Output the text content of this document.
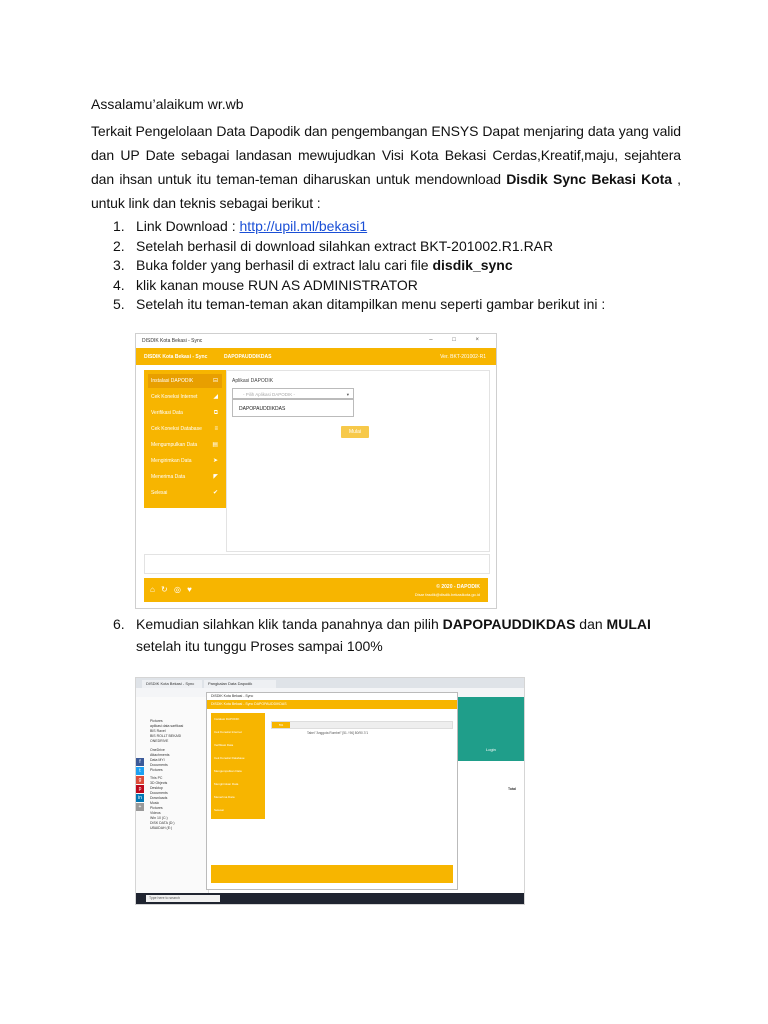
Assalamu’alaikum wr.wb

Terkait Pengelolaan Data Dapodik dan pengembangan ENSYS Dapat menjaring data yang valid dan UP Date sebagai landasan mewujudkan Visi Kota Bekasi Cerdas,Kreatif,maju, sejahtera dan ihsan untuk itu teman-teman diharuskan untuk mendownload Disdik Sync Bekasi Kota , untuk link dan teknis sebagai berikut :

1. Link Download : http://upil.ml/bekasi1
2. Setelah berhasil di download silahkan extract BKT-201002.R1.RAR
3. Buka folder yang berhasil di extract lalu cari file disdik_sync
4. klik kanan mouse RUN AS ADMINISTRATOR
5. Setelah itu teman-teman akan ditampilkan menu seperti gambar berikut ini :
DISDIK Kota Bekasi - Sync	– □ ×
DISDIK Kota Bekasi - Sync	DAPOPAUDDIKDAS	Ver. BKT-201002-R1
Instalasi DAPODIK	⊟
Cek Koneksi Internet	◢
Verifikasi Data	⧉
Cek Koneksi Database ≡
Mengumpulkan Data	▤
Mengirimkan Data	➤
Menerima Data	◤
Selesai	✔
Aplikasi DAPODIK
- Pilih Aplikasi DAPODIK -	▾
DAPOPAUDDIKDAS
Mulai
⌂ ↻ ◎ ♥	© 2020 - DAPODIK
Disar fasdik@disdik.bekasikota.go.id
6. Kemudian silahkan klik tanda panahnya dan pilih DAPOPAUDDIKDAS dan MULAI setelah itu tunggu Proses sampai 100%
DISDIK Kota Bekasi - Sync	Pangkalan Data Dapodik
Pictures
aplikasi data sarfikasi
BIS Ravel
BIS ROLLT BEKASI
ONEDRIVE
OneDrive
Attachments
Data MYI
Documents
Pictures
This PC
3D Objects
Desktop
Documents
Downloads
Music
Pictures
Videos
Win 10 (C:)
DISK DATA (D:)
UBAIDAH (E:)
f
t
g
p
in
+
Login
Total
DISDIK Kota Bekasi - Sync
DISDIK Kota Bekasi - Sync DAPOPAUDDIKDAS
Instalasi DAPODIK
Cek Koneksi Internet
Verifikasi Data
Cek Koneksi Database
Mengumpulkan Data
Mengirimkan Data
Menerima Data
Selesai
5%
Tabel "Anggota Rombel" [51 / 96] 80/90.7/1
Type here to search
